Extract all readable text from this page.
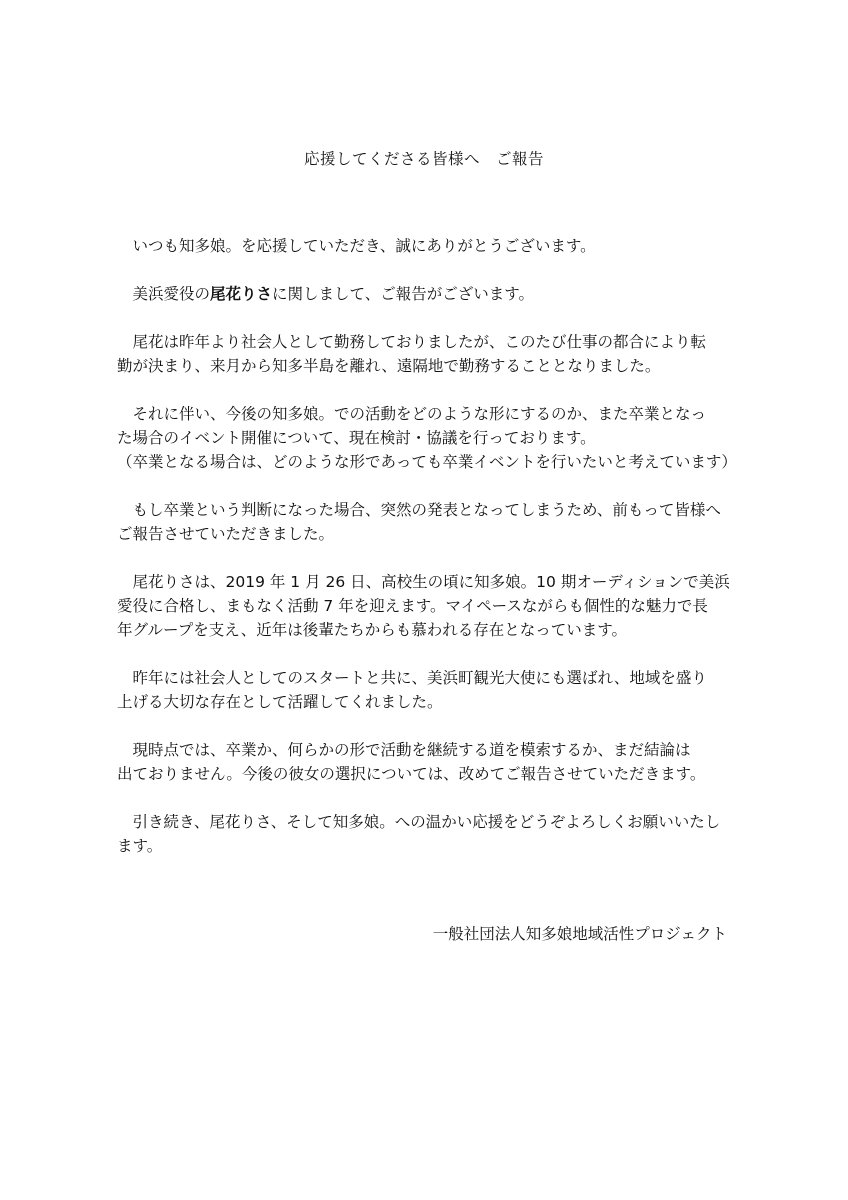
応援してくださる皆様へ　ご報告

いつも知多娘。を応援していただき、誠にありがとうございます。

美浜愛役の尾花りさに関しまして、ご報告がございます。

尾花は昨年より社会人として勤務しておりましたが、このたび仕事の都合により転
勤が決まり、来月から知多半島を離れ、遠隔地で勤務することとなりました。

それに伴い、今後の知多娘。での活動をどのような形にするのか、また卒業となっ
た場合のイベント開催について、現在検討・協議を行っております。
（卒業となる場合は、どのような形であっても卒業イベントを行いたいと考えています）

もし卒業という判断になった場合、突然の発表となってしまうため、前もって皆様へ
ご報告させていただきました。

尾花りさは、2019 年 1 月 26 日、高校生の頃に知多娘。10 期オーディションで美浜
愛役に合格し、まもなく活動 7 年を迎えます。マイペースながらも個性的な魅力で長
年グループを支え、近年は後輩たちからも慕われる存在となっています。

昨年には社会人としてのスタートと共に、美浜町観光大使にも選ばれ、地域を盛り
上げる大切な存在として活躍してくれました。

現時点では、卒業か、何らかの形で活動を継続する道を模索するか、まだ結論は
出ておりません。今後の彼女の選択については、改めてご報告させていただきます。

引き続き、尾花りさ、そして知多娘。への温かい応援をどうぞよろしくお願いいたし
ます。

一般社団法人知多娘地域活性プロジェクト
